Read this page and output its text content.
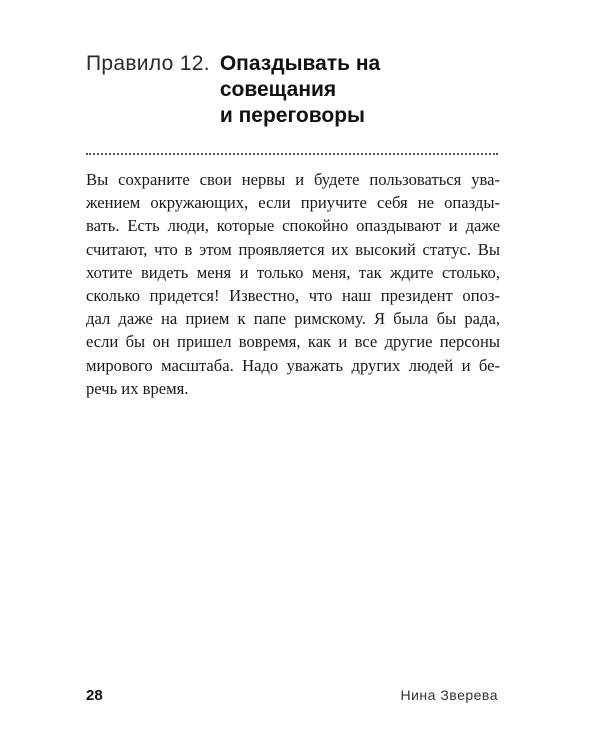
Правило 12. Опаздывать на совещания
и переговоры
Вы сохраните свои нервы и будете пользоваться ува-
жением окружающих, если приучите себя не опазды-
вать. Есть люди, которые спокойно опаздывают и даже
считают, что в этом проявляется их высокий статус. Вы
хотите видеть меня и только меня, так ждите столько,
сколько придется! Известно, что наш президент опоз-
дал даже на прием к папе римскому. Я была бы рада,
если бы он пришел вовремя, как и все другие персоны
мирового масштаба. Надо уважать других людей и бе-
речь их время.
28	Нина Зверева
